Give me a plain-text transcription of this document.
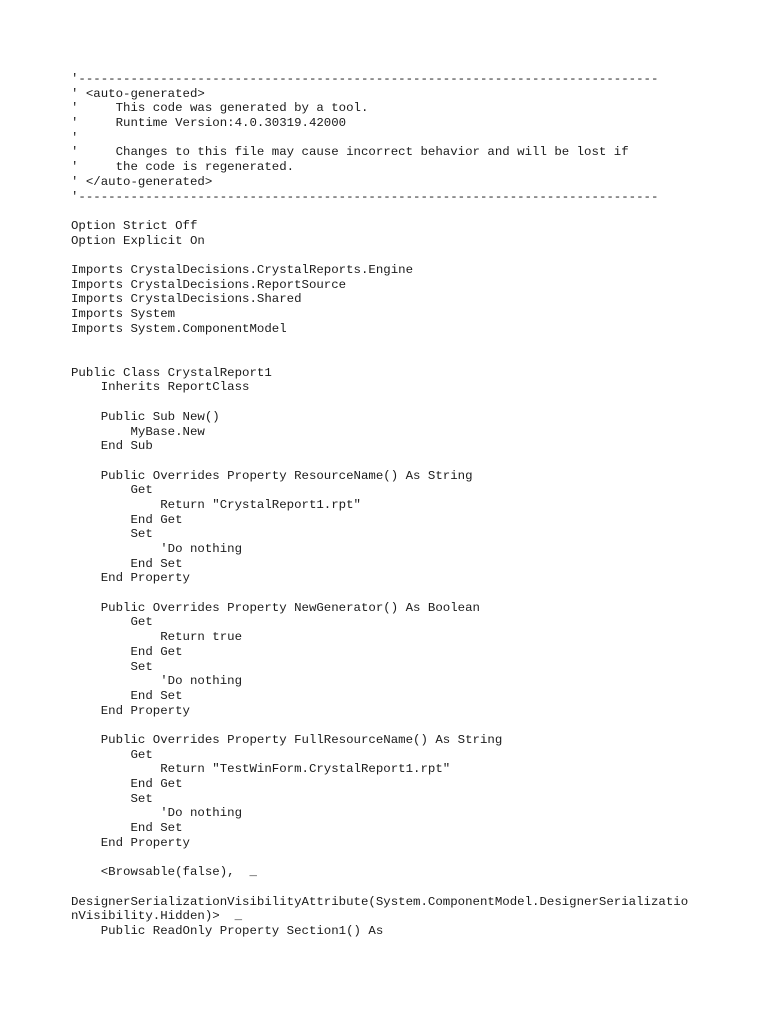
'------------------------------------------------------------------------------
' <auto-generated>
'     This code was generated by a tool.
'     Runtime Version:4.0.30319.42000
'
'     Changes to this file may cause incorrect behavior and will be lost if
'     the code is regenerated.
' </auto-generated>
'------------------------------------------------------------------------------
Option Strict Off
Option Explicit On
Imports CrystalDecisions.CrystalReports.Engine
Imports CrystalDecisions.ReportSource
Imports CrystalDecisions.Shared
Imports System
Imports System.ComponentModel
Public Class CrystalReport1
Inherits ReportClass
Public Sub New()
MyBase.New
End Sub
Public Overrides Property ResourceName() As String
Get
Return "CrystalReport1.rpt"
End Get
Set
'Do nothing
End Set
End Property
Public Overrides Property NewGenerator() As Boolean
Get
Return true
End Get
Set
'Do nothing
End Set
End Property
Public Overrides Property FullResourceName() As String
Get
Return "TestWinForm.CrystalReport1.rpt"
End Get
Set
'Do nothing
End Set
End Property
<Browsable(false),  _
DesignerSerializationVisibilityAttribute(System.ComponentModel.DesignerSerializatio
nVisibility.Hidden)>  _
Public ReadOnly Property Section1() As
